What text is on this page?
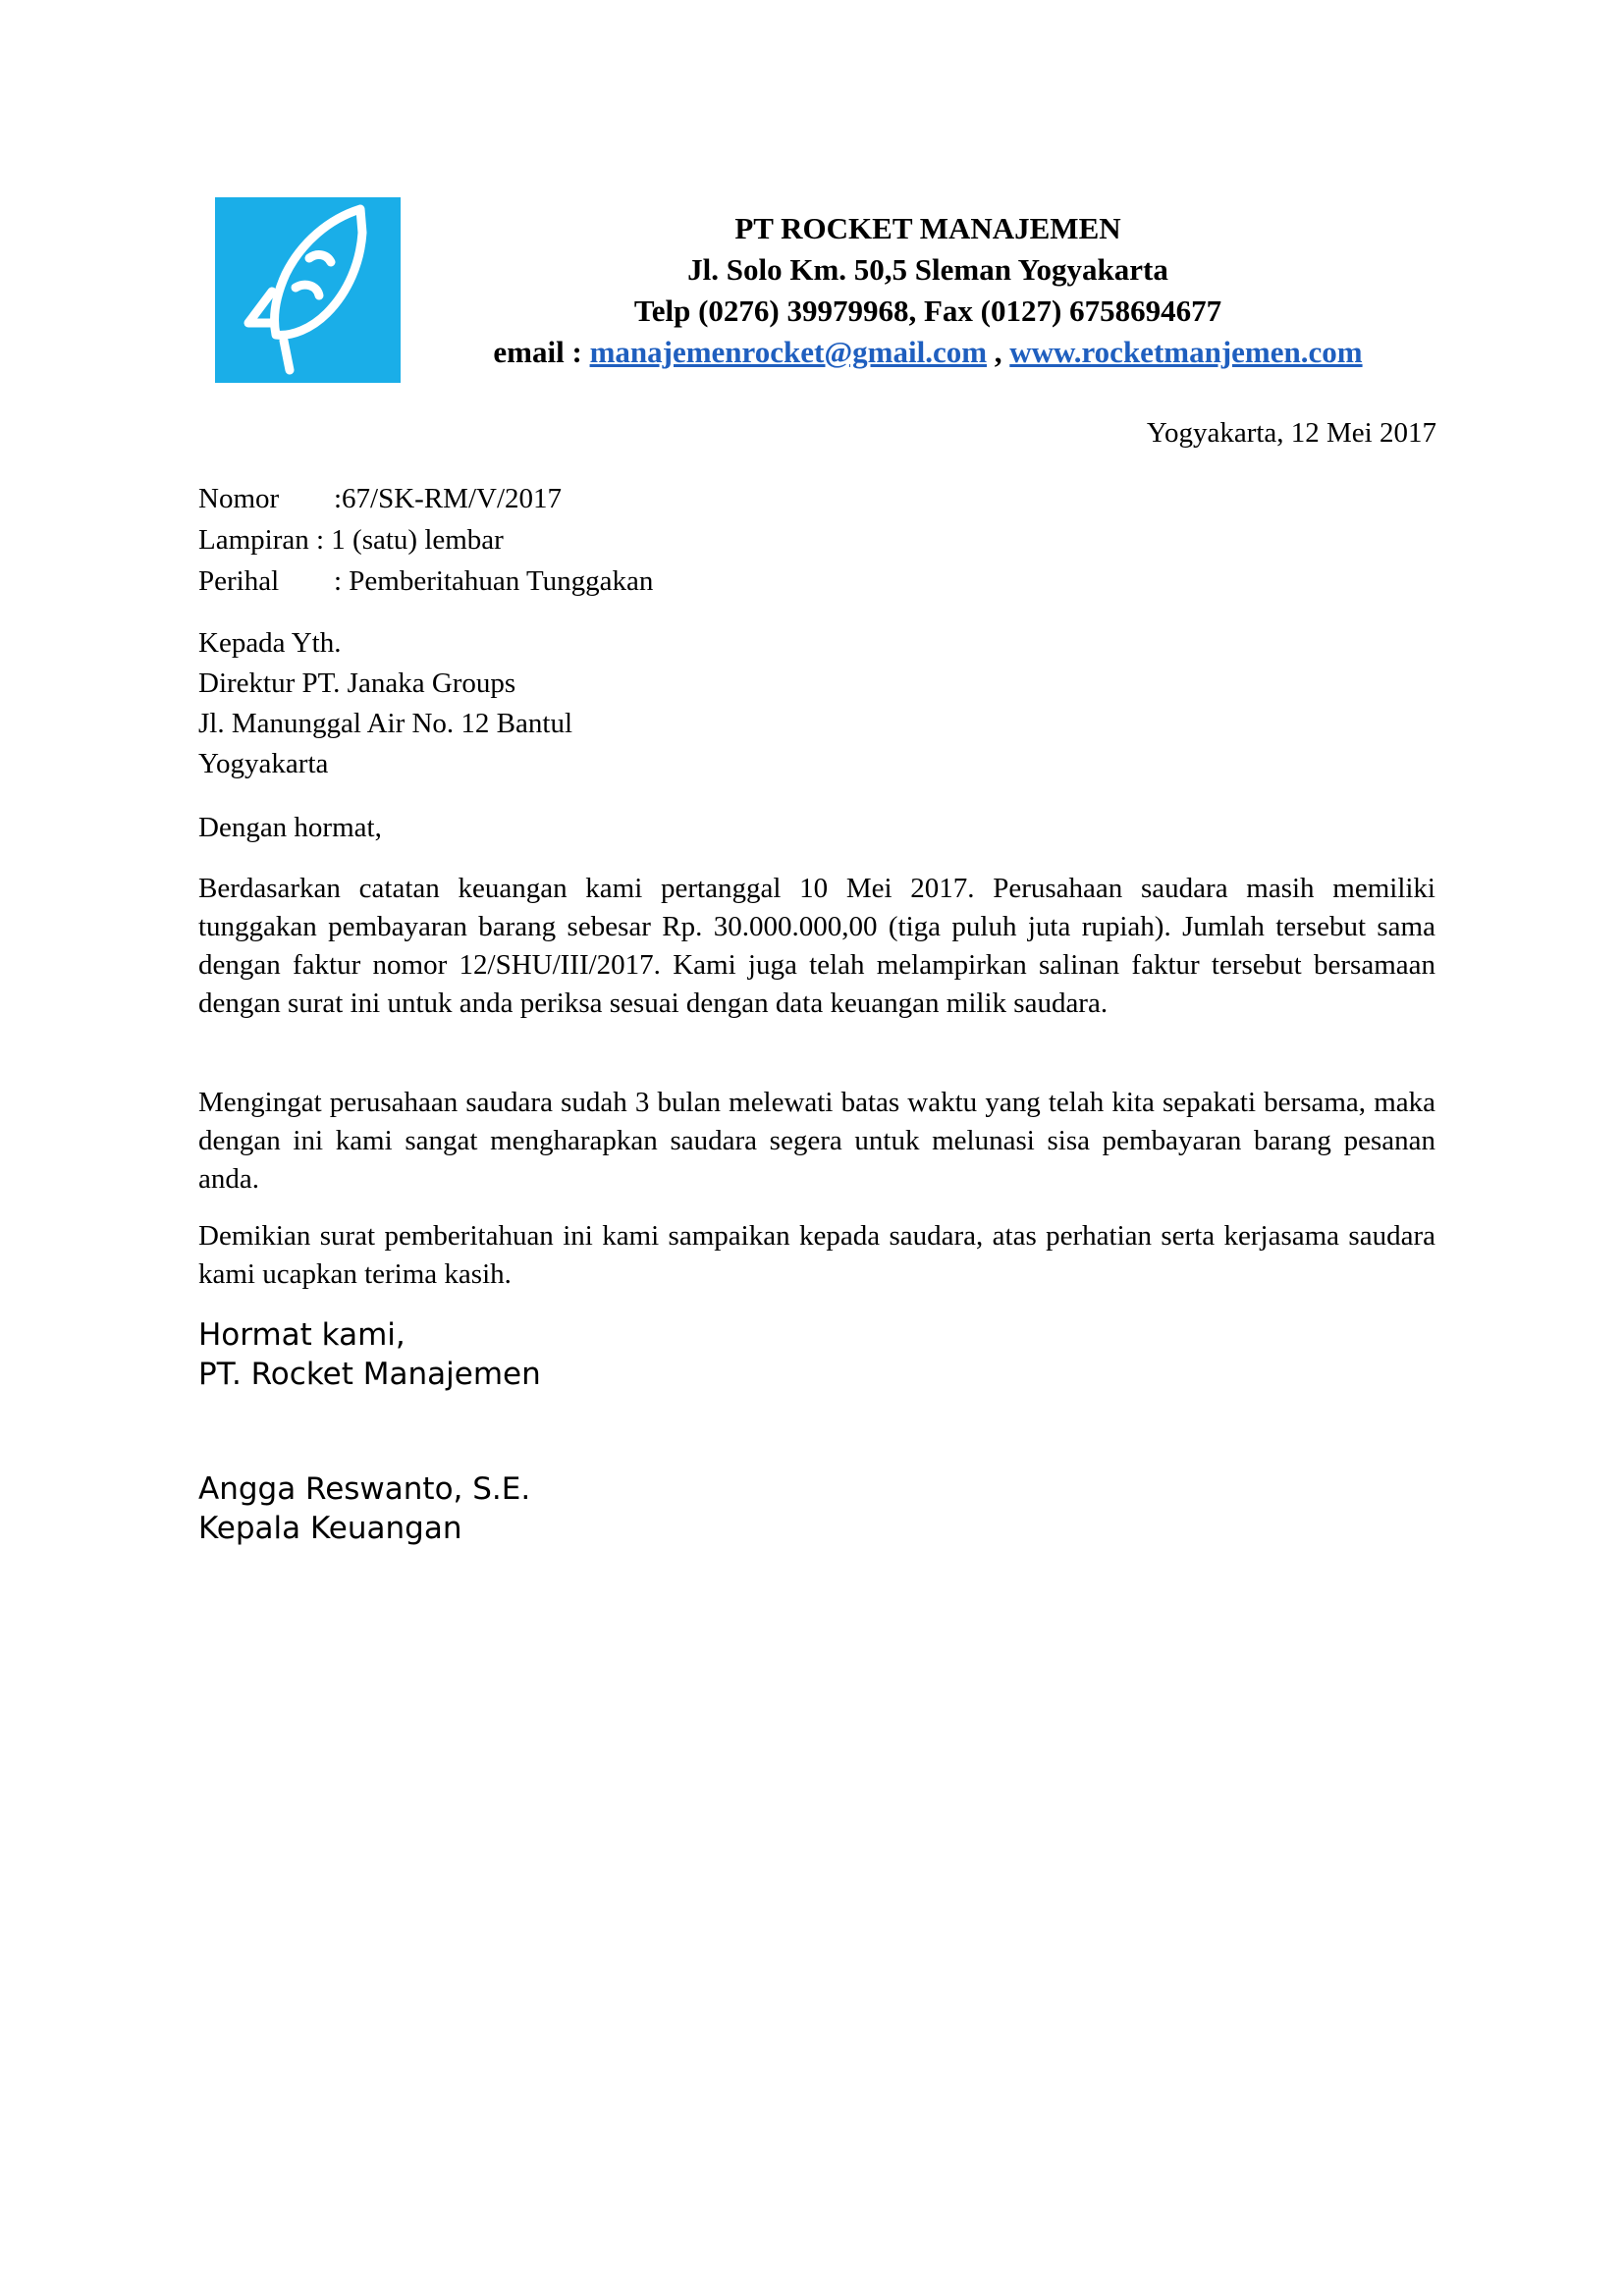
PT ROCKET MANAJEMEN
Jl. Solo Km. 50,5 Sleman Yogyakarta
Telp (0276) 39979968, Fax (0127) 6758694677
email : manajemenrocket@gmail.com , www.rocketmanjemen.com
Yogyakarta, 12 Mei 2017
Nomor :67/SK-RM/V/2017
Lampiran : 1 (satu) lembar
Perihal : Pemberitahuan Tunggakan
Kepada Yth.
Direktur PT. Janaka Groups
Jl. Manunggal Air No. 12 Bantul
Yogyakarta
Dengan hormat,
Berdasarkan catatan keuangan kami pertanggal 10 Mei 2017. Perusahaan saudara masih memiliki tunggakan pembayaran barang sebesar Rp. 30.000.000,00 (tiga puluh juta rupiah). Jumlah tersebut sama dengan faktur nomor 12/SHU/III/2017. Kami juga telah melampirkan salinan faktur tersebut bersamaan dengan surat ini untuk anda periksa sesuai dengan data keuangan milik saudara.
Mengingat perusahaan saudara sudah 3 bulan melewati batas waktu yang telah kita sepakati bersama, maka dengan ini kami sangat mengharapkan saudara segera untuk melunasi sisa pembayaran barang pesanan anda.
Demikian surat pemberitahuan ini kami sampaikan kepada saudara, atas perhatian serta kerjasama saudara kami ucapkan terima kasih.
Hormat kami,
PT. Rocket Manajemen
Angga Reswanto, S.E.
Kepala Keuangan
